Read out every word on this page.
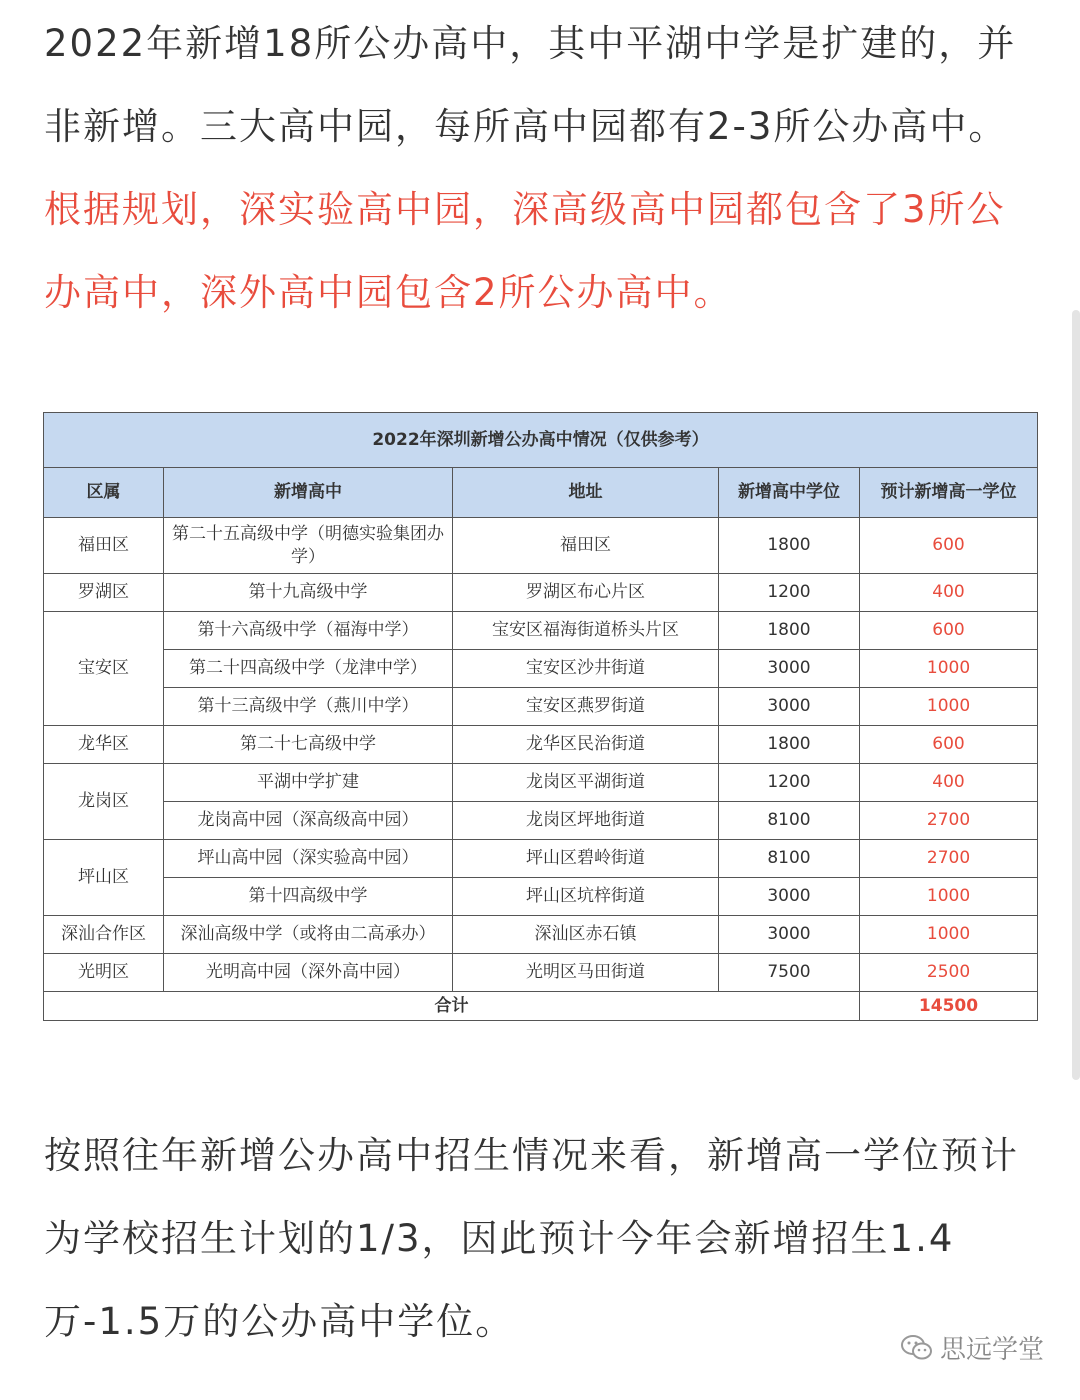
2022年新增18所公办高中，其中平湖中学是扩建的，并非新增。三大高中园，每所高中园都有2-3所公办高中。根据规划，深实验高中园，深高级高中园都包含了3所公办高中，深外高中园包含2所公办高中。

2022年深圳新增公办高中情况（仅供参考）				
区属	新增高中	地址	新增高中学位	预计新增高一学位
福田区	第二十五高级中学（明德实验集团办学）	福田区	1800	600
罗湖区	第十九高级中学	罗湖区布心片区	1200	400
宝安区	第十六高级中学（福海中学）	宝安区福海街道桥头片区	1800	600
	第二十四高级中学（龙津中学）	宝安区沙井街道	3000	1000
	第十三高级中学（燕川中学）	宝安区燕罗街道	3000	1000
龙华区	第二十七高级中学	龙华区民治街道	1800	600
龙岗区	平湖中学扩建	龙岗区平湖街道	1200	400
	龙岗高中园（深高级高中园）	龙岗区坪地街道	8100	2700
坪山区	坪山高中园（深实验高中园）	坪山区碧岭街道	8100	2700
	第十四高级中学	坪山区坑梓街道	3000	1000
深汕合作区	深汕高级中学（或将由二高承办）	深汕区赤石镇	3000	1000
光明区	光明高中园（深外高中园）	光明区马田街道	7500	2500
合计				14500

按照往年新增公办高中招生情况来看，新增高一学位预计为学校招生计划的1/3，因此预计今年会新增招生1.4万-1.5万的公办高中学位。

思远学堂
